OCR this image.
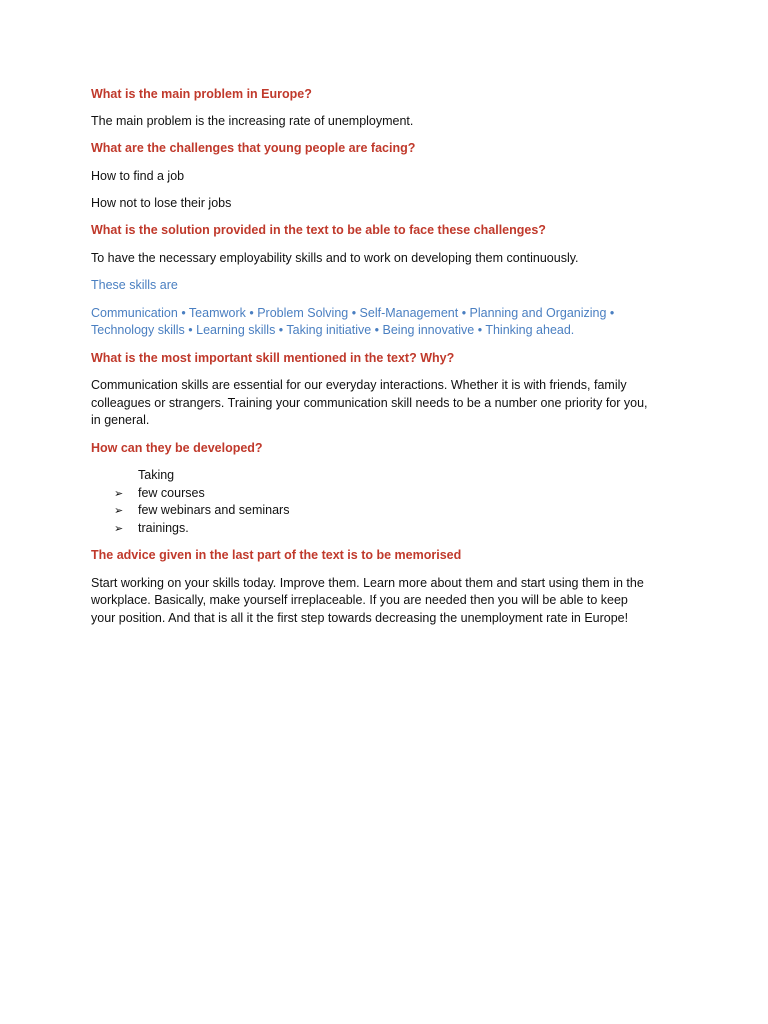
What is the main problem in Europe?
The main problem is the increasing rate of unemployment.
What are the challenges that young people are facing?
How to find a job
How not to lose their jobs
What is the solution provided in the text to be able to face these challenges?
To have the necessary employability skills and to work on developing them continuously.
These skills are
Communication • Teamwork • Problem Solving • Self-Management • Planning and Organizing •
Technology skills • Learning skills • Taking initiative • Being innovative • Thinking ahead.
What is the most important skill mentioned in the text? Why?
Communication skills are essential for our everyday interactions. Whether it is with friends, family
colleagues or strangers. Training your communication skill needs to be a number one priority for you,
in general.
How can they be developed?
Taking
➢ few courses
➢ few webinars and seminars
➢ trainings.
The advice given in the last part of the text is to be memorised
Start working on your skills today. Improve them. Learn more about them and start using them in the
workplace. Basically, make yourself irreplaceable. If you are needed then you will be able to keep
your position. And that is all it the first step towards decreasing the unemployment rate in Europe!
